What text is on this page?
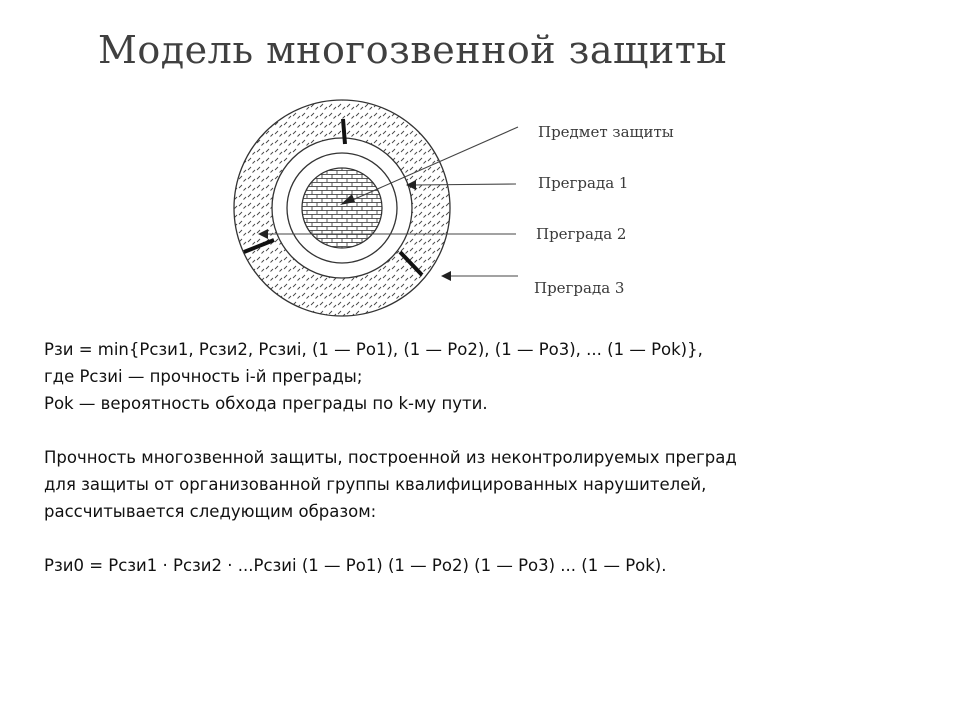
Модель многозвенной защиты
Предмет защиты
Преграда 1
Преграда 2
Преграда 3

Рзи = min{Рсзи1, Рсзи2, Рсзиi, (1 — Ро1), (1 — Ро2), (1 — Ро3), ... (1 — Роk)},

где Рсзиi — прочность i-й преграды;

Роk — вероятность обхода преграды по k-му пути.

Прочность многозвенной защиты, построенной из неконтролируемых преград

для защиты от организованной группы квалифицированных нарушителей,

рассчитывается следующим образом:

Рзи0 = Рсзи1 · Рсзи2 · ...Рсзиi (1 — Ро1) (1 — Ро2) (1 — Ро3) ... (1 — Роk).
